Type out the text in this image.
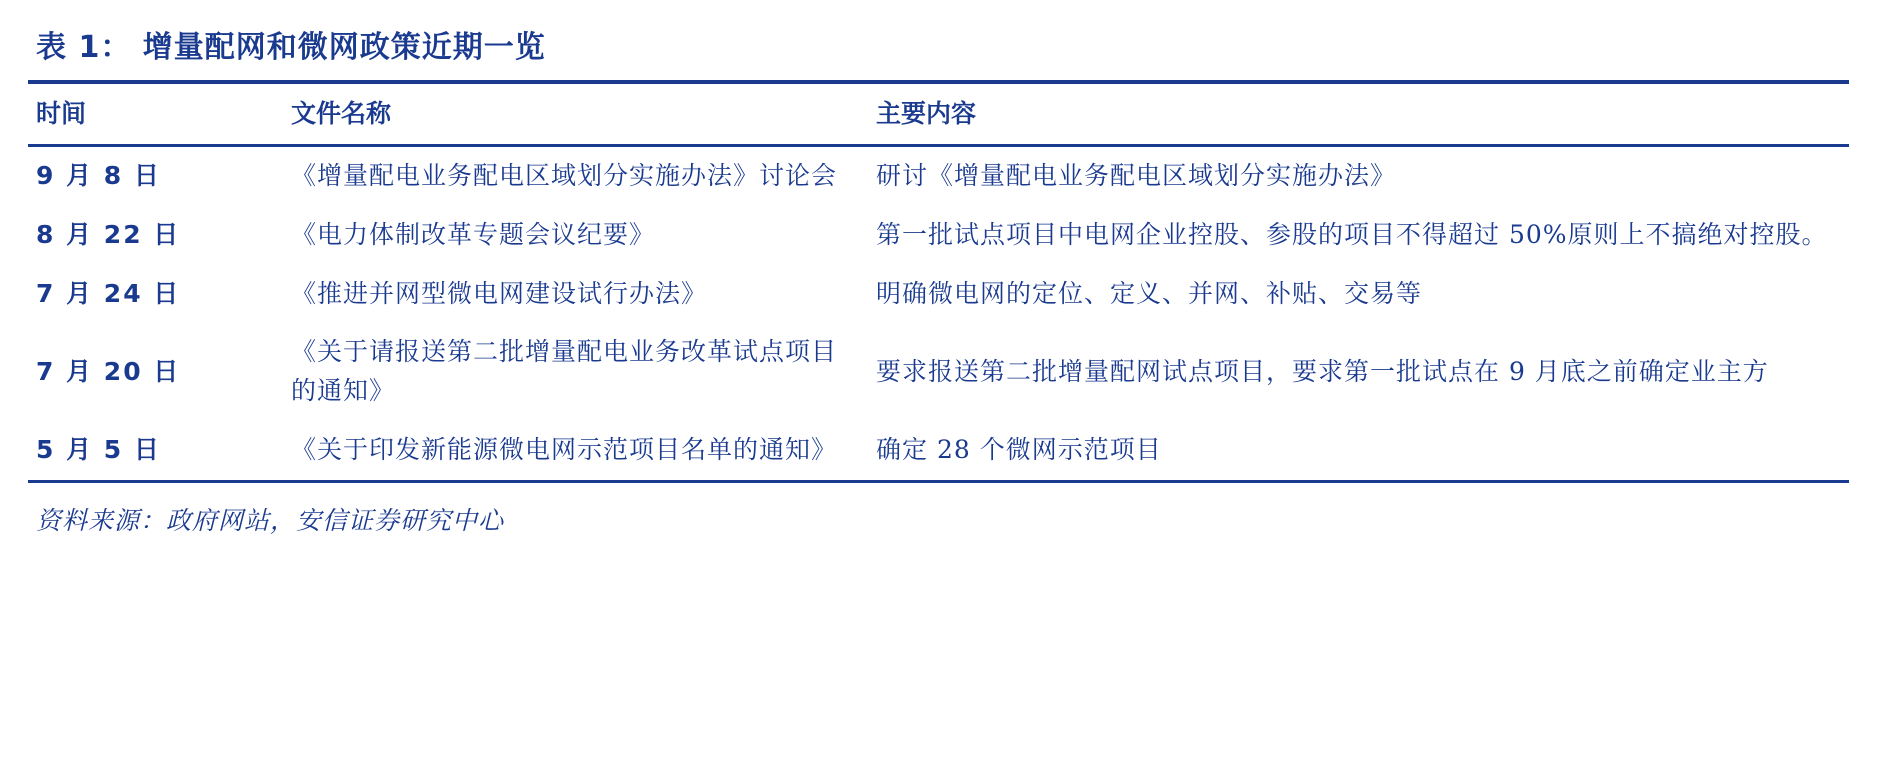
表 1： 增量配网和微网政策近期一览
时间	文件名称	主要内容
9 月 8 日	《增量配电业务配电区域划分实施办法》讨论会	研讨《增量配电业务配电区域划分实施办法》
8 月 22 日	《电力体制改革专题会议纪要》	第一批试点项目中电网企业控股、参股的项目不得超过 50%原则上不搞绝对控股。
7 月 24 日	《推进并网型微电网建设试行办法》	明确微电网的定位、定义、并网、补贴、交易等
7 月 20 日	《关于请报送第二批增量配电业务改革试点项目的通知》	要求报送第二批增量配网试点项目，要求第一批试点在 9 月底之前确定业主方
5 月 5 日	《关于印发新能源微电网示范项目名单的通知》	确定 28 个微网示范项目
资料来源：政府网站，安信证券研究中心
